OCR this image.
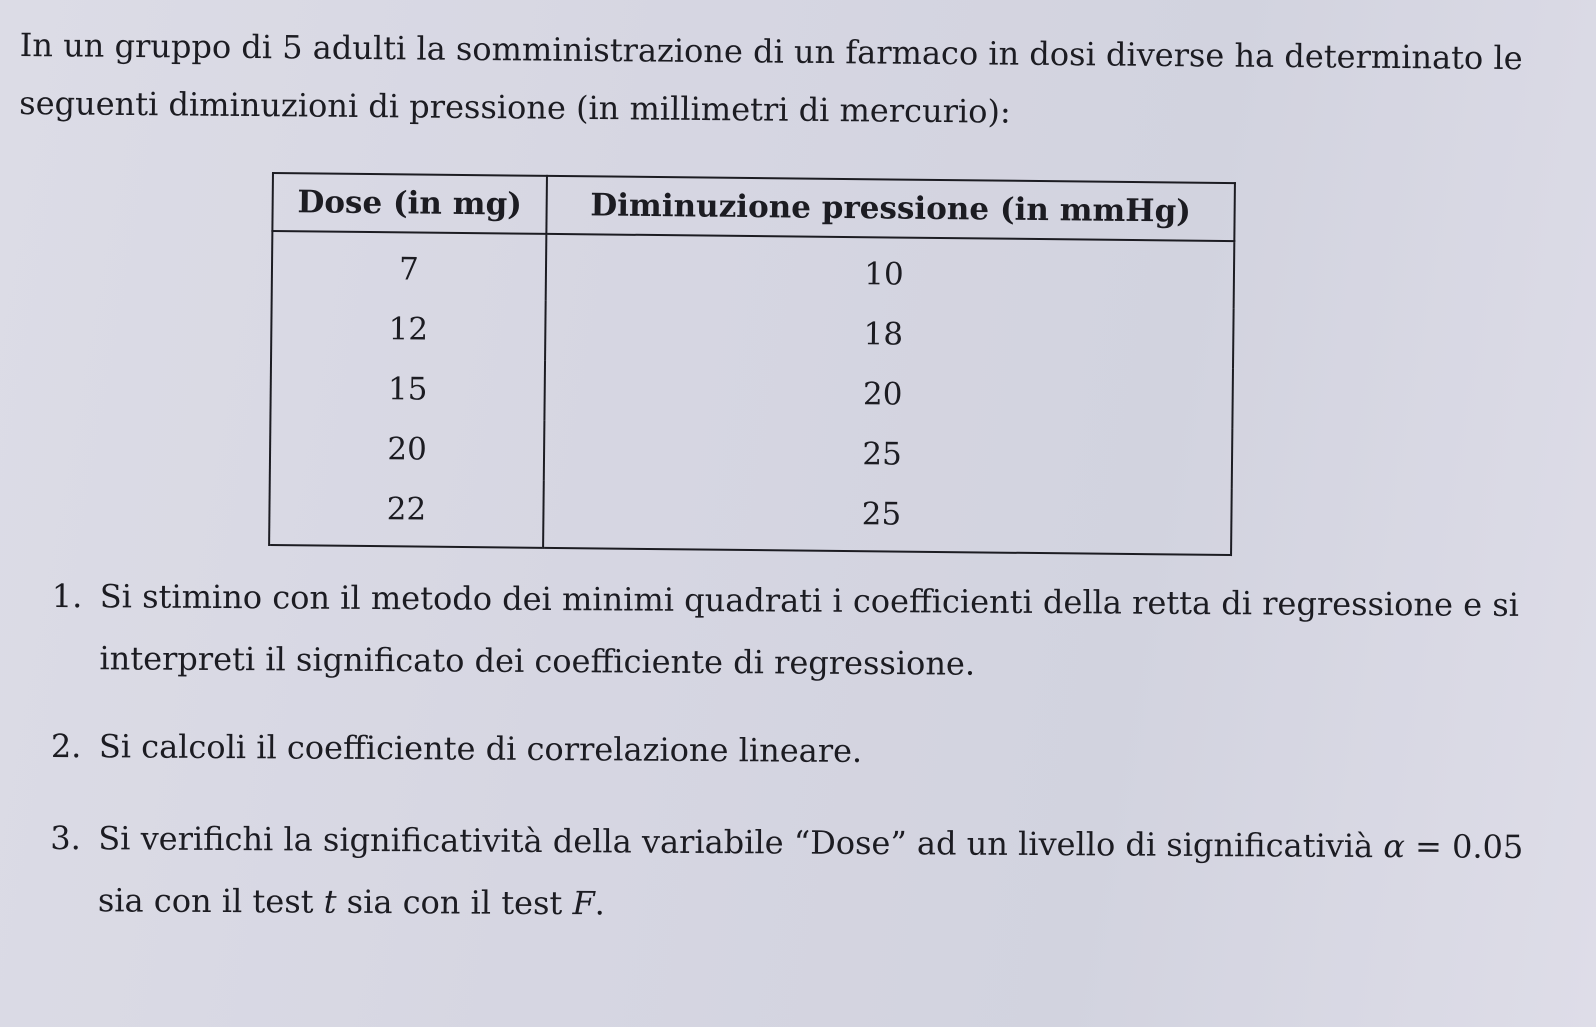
In un gruppo di 5 adulti la somministrazione di un farmaco in dosi diverse ha determinato le seguenti diminuzioni di pressione (in millimetri di mercurio):

Dose (in mg)	Diminuzione pressione (in mmHg)
7	10
12	18
15	20
20	25
22	25
1. Si stimino con il metodo dei minimi quadrati i coefficienti della retta di regressione e si interpreti il significato dei coefficiente di regressione.
2. Si calcoli il coefficiente di correlazione lineare.
3. Si verifichi la significatività della variabile “Dose” ad un livello di significativià α = 0.05 sia con il test t sia con il test F.
